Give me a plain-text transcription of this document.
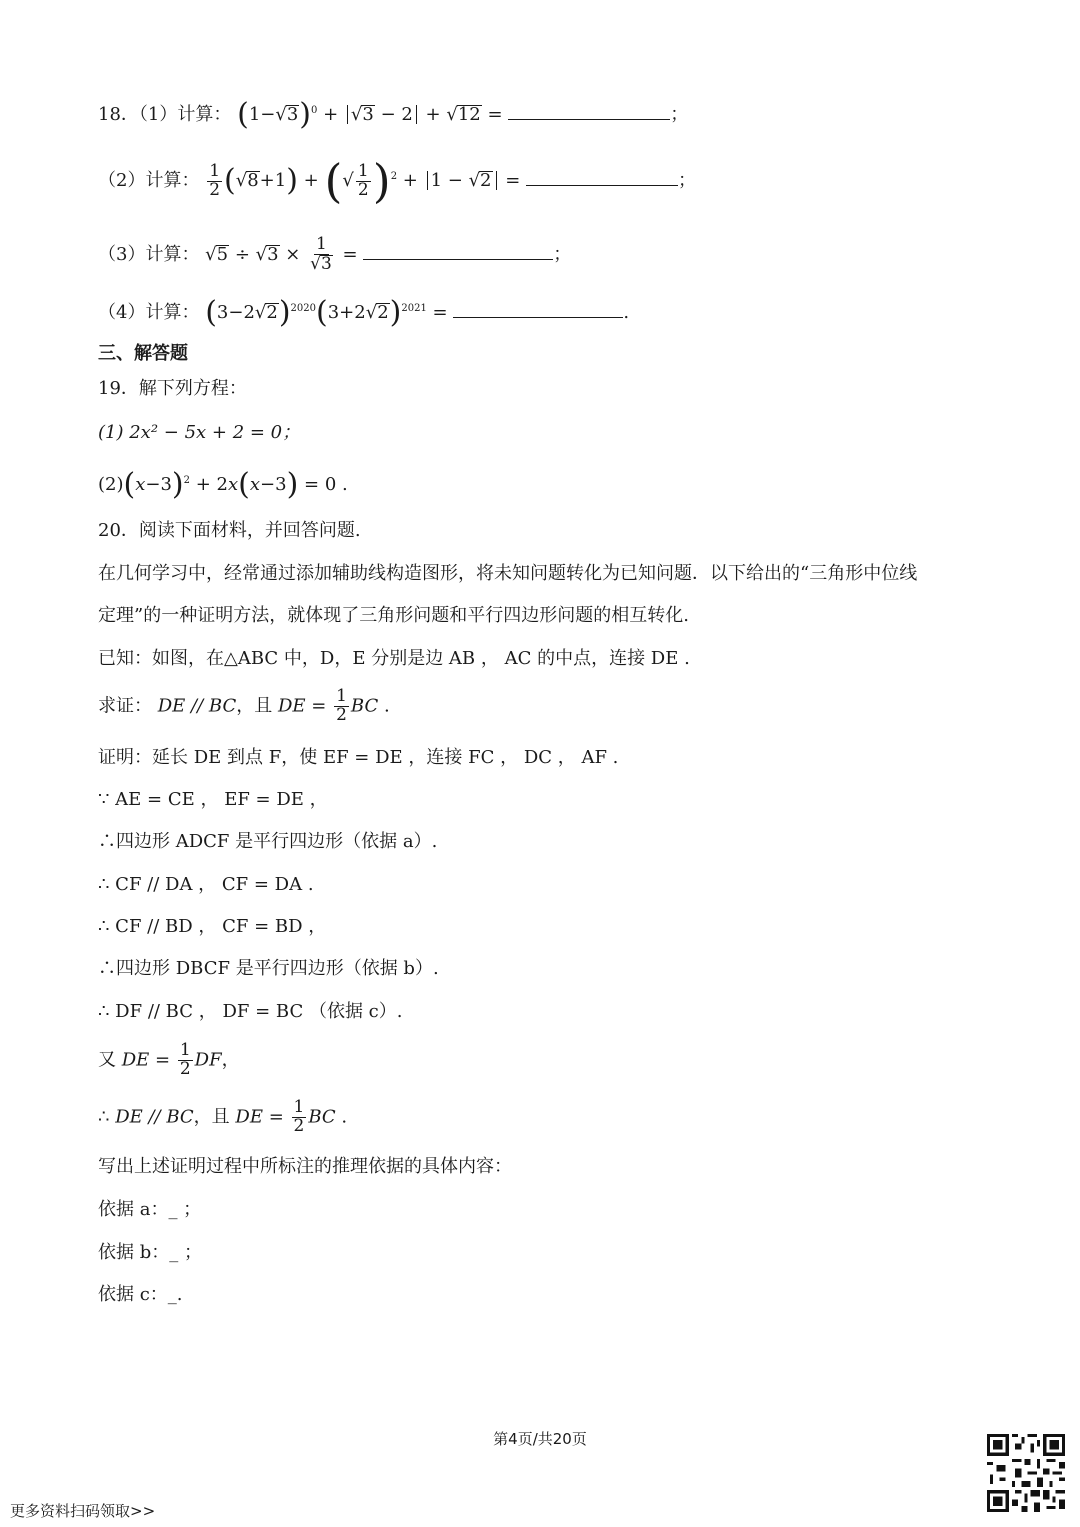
18．（1）计算： $(1-√3)^0 + √3 - 2 + √12$ =	；
（2）计算： $\frac{1}{2} (√8+1)$ + (√ $\frac{1}{2} )^2 + 1 - √2$ =	；
（3）计算： $√5 \div √3 \times \frac{1}{√3}$ =	；
（4）计算： $(3-2√2)^{2020}(3+2√2)^{2021}$ =	.
三、解答题
19．解下列方程：
(1) 2x² − 5x + 2 = 0；
$(2)(x-3)^2 + 2x(x-3) = 0$ .
20．阅读下面材料，并回答问题.
在几何学习中，经常通过添加辅助线构造图形，将未知问题转化为已知问题．以下给出的“三角形中位线
定理”的一种证明方法，就体现了三角形问题和平行四边形问题的相互转化.
已知：如图，在△ABC 中，D，E 分别是边 AB ， AC 的中点，连接 DE .
求证： DE // BC，且 DE = $\frac{1}{2}$ BC .
证明：延长 DE 到点 F，使 EF = DE ，连接 FC ， DC ， AF .
∵ AE = CE ， EF = DE ，
∴四边形 ADCF 是平行四边形（依据 a）.
∴ CF // DA ， CF = DA .
∴ CF // BD ， CF = BD ，
∴四边形 DBCF 是平行四边形（依据 b）.
∴ DF // BC ， DF = BC （依据 c）.
又 DE = $\frac{1}{2}$ DF，
∴ DE // BC，且 DE = $\frac{1}{2}$ BC .
写出上述证明过程中所标注的推理依据的具体内容：
依据 a：_ ；
依据 b：_ ；
依据 c：_.
第4页/共20页
更多资料扫码领取>>
